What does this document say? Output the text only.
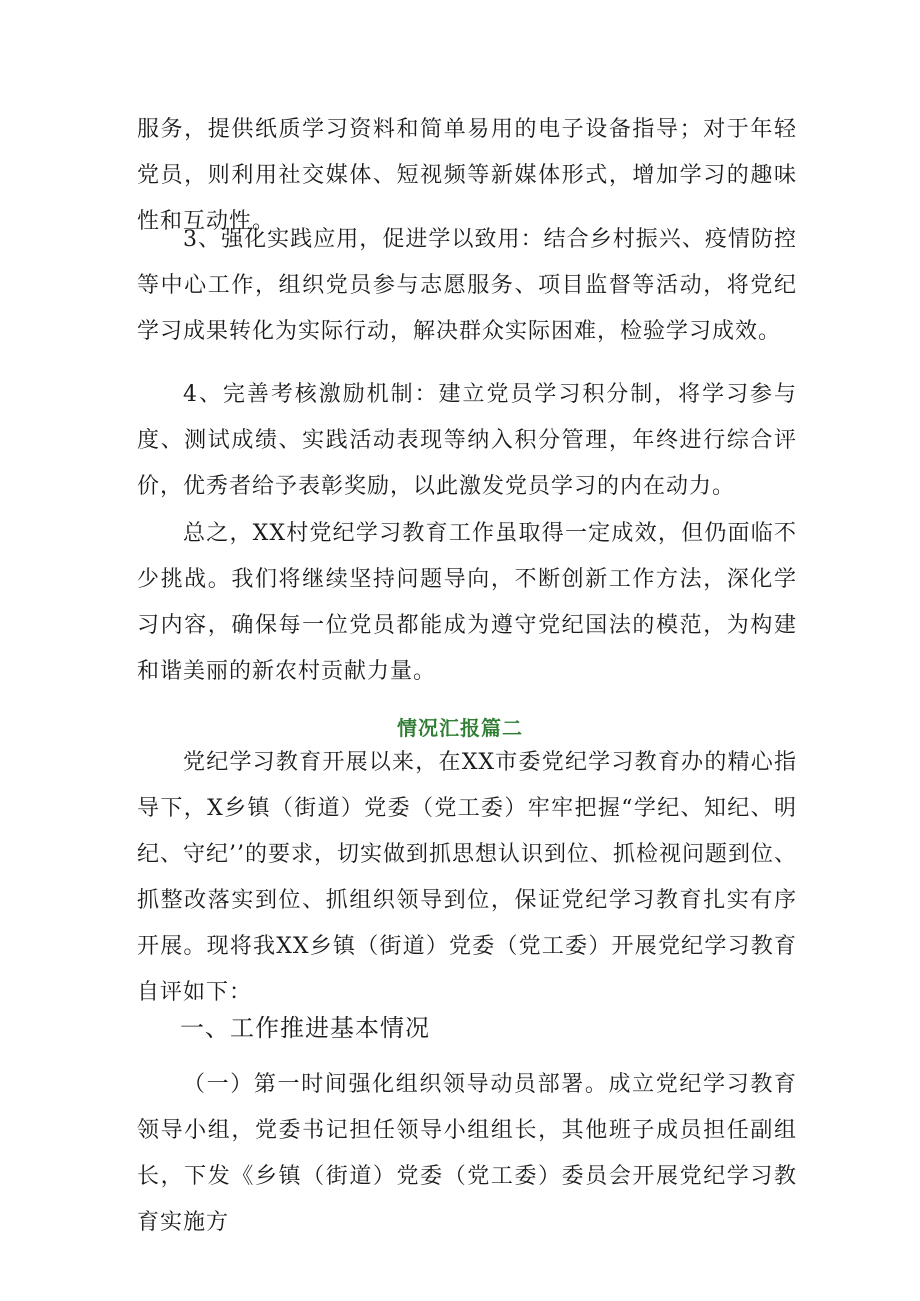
服务，提供纸质学习资料和简单易用的电子设备指导；对于年轻党员，则利用社交媒体、短视频等新媒体形式，增加学习的趣味性和互动性。

3、强化实践应用，促进学以致用：结合乡村振兴、疫情防控等中心工作，组织党员参与志愿服务、项目监督等活动，将党纪学习成果转化为实际行动，解决群众实际困难，检验学习成效。

4、完善考核激励机制：建立党员学习积分制，将学习参与度、测试成绩、实践活动表现等纳入积分管理，年终进行综合评价，优秀者给予表彰奖励，以此激发党员学习的内在动力。

总之，XX村党纪学习教育工作虽取得一定成效，但仍面临不少挑战。我们将继续坚持问题导向，不断创新工作方法，深化学习内容，确保每一位党员都能成为遵守党纪国法的模范，为构建和谐美丽的新农村贡献力量。

情况汇报篇二

党纪学习教育开展以来，在XX市委党纪学习教育办的精心指导下，X乡镇（街道）党委（党工委）牢牢把握“学纪、知纪、明纪、守纪’’的要求，切实做到抓思想认识到位、抓检视问题到位、抓整改落实到位、抓组织领导到位，保证党纪学习教育扎实有序开展。现将我XX乡镇（街道）党委（党工委）开展党纪学习教育自评如下：

一、工作推进基本情况

（一）第一时间强化组织领导动员部署。成立党纪学习教育领导小组，党委书记担任领导小组组长，其他班子成员担任副组长，下发《乡镇（街道）党委（党工委）委员会开展党纪学习教育实施方
